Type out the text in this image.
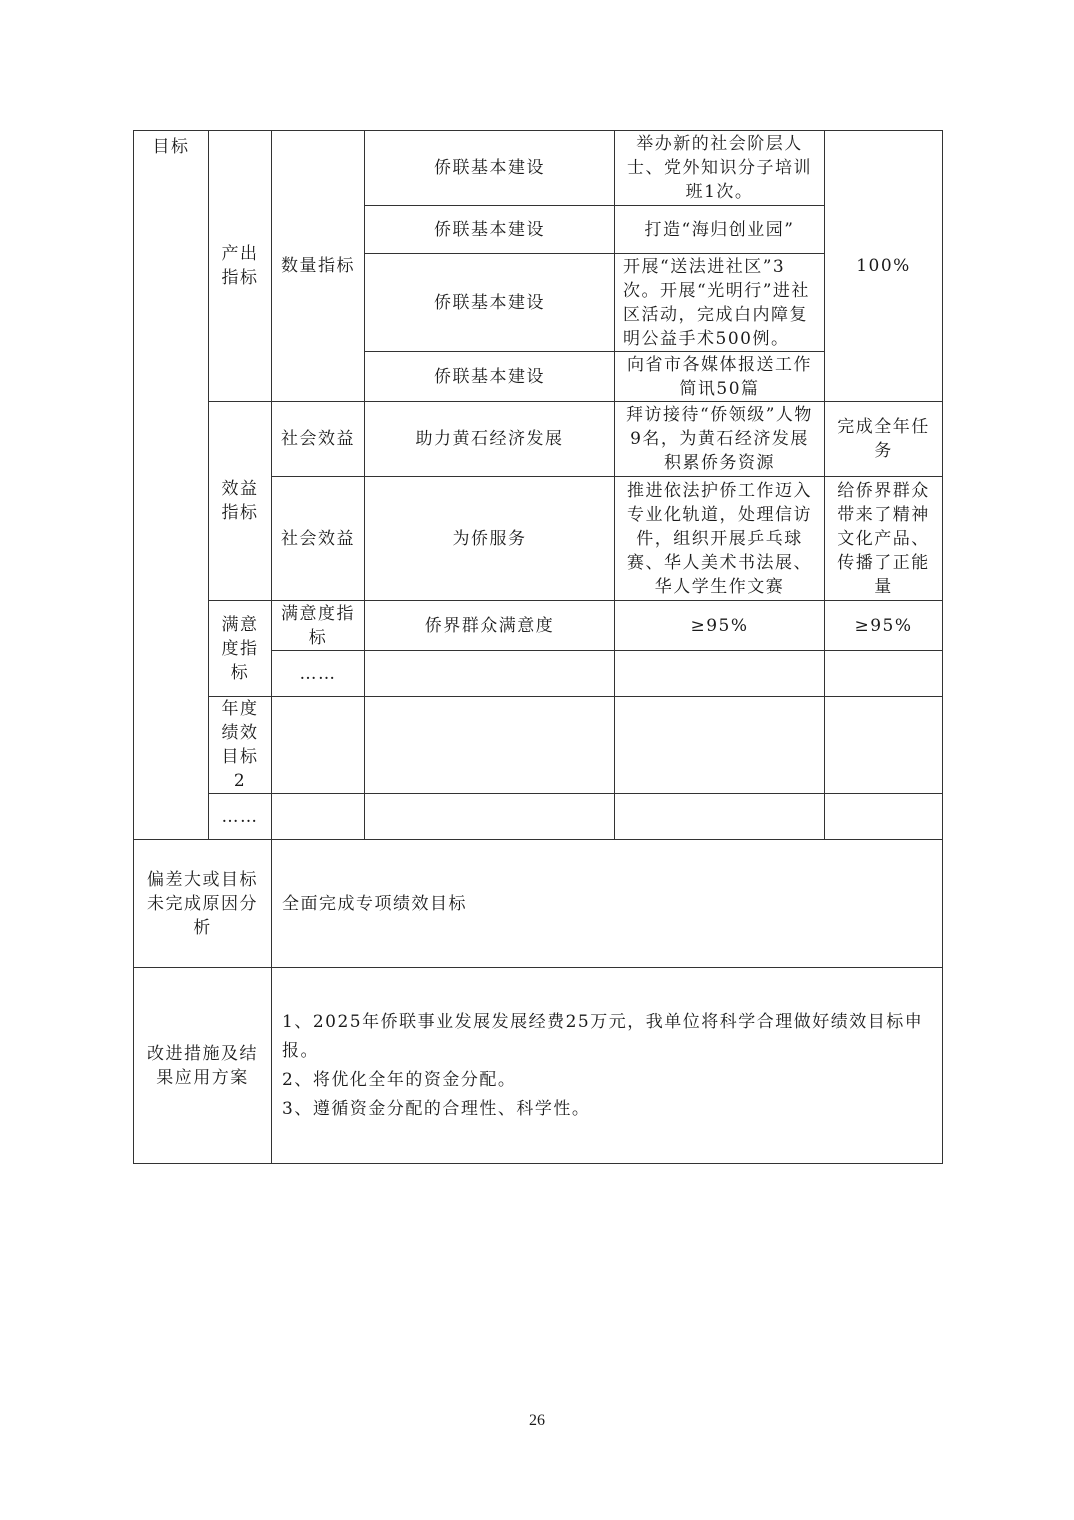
目标	产出指标	数量指标	侨联基本建设	举办新的社会阶层人士、党外知识分子培训班1次。	100%	
			侨联基本建设	打造“海归创业园”		
			侨联基本建设	开展“送法进社区”3次。开展“光明行”进社区活动，完成白内障复明公益手术500例。		
			侨联基本建设	向省市各媒体报送工作简讯50篇		
	效益指标	社会效益	助力黄石经济发展	拜访接待“侨领级”人物9名，为黄石经济发展积累侨务资源	完成全年任务	
		社会效益	为侨服务	推进依法护侨工作迈入专业化轨道，处理信访件，组织开展乒乓球赛、华人美术书法展、华人学生作文赛	给侨界群众带来了精神文化产品、传播了正能量	
	满意度指标	满意度指标	侨界群众满意度	≥95%	≥95%	
		……				
	年度绩效目标2					
	……					
偏差大或目标未完成原因分析		全面完成专项绩效目标				
改进措施及结果应用方案		1、2025年侨联事业发展发展经费25万元，我单位将科学合理做好绩效目标申报。
2、将优化全年的资金分配。
3、遵循资金分配的合理性、科学性。				
26
